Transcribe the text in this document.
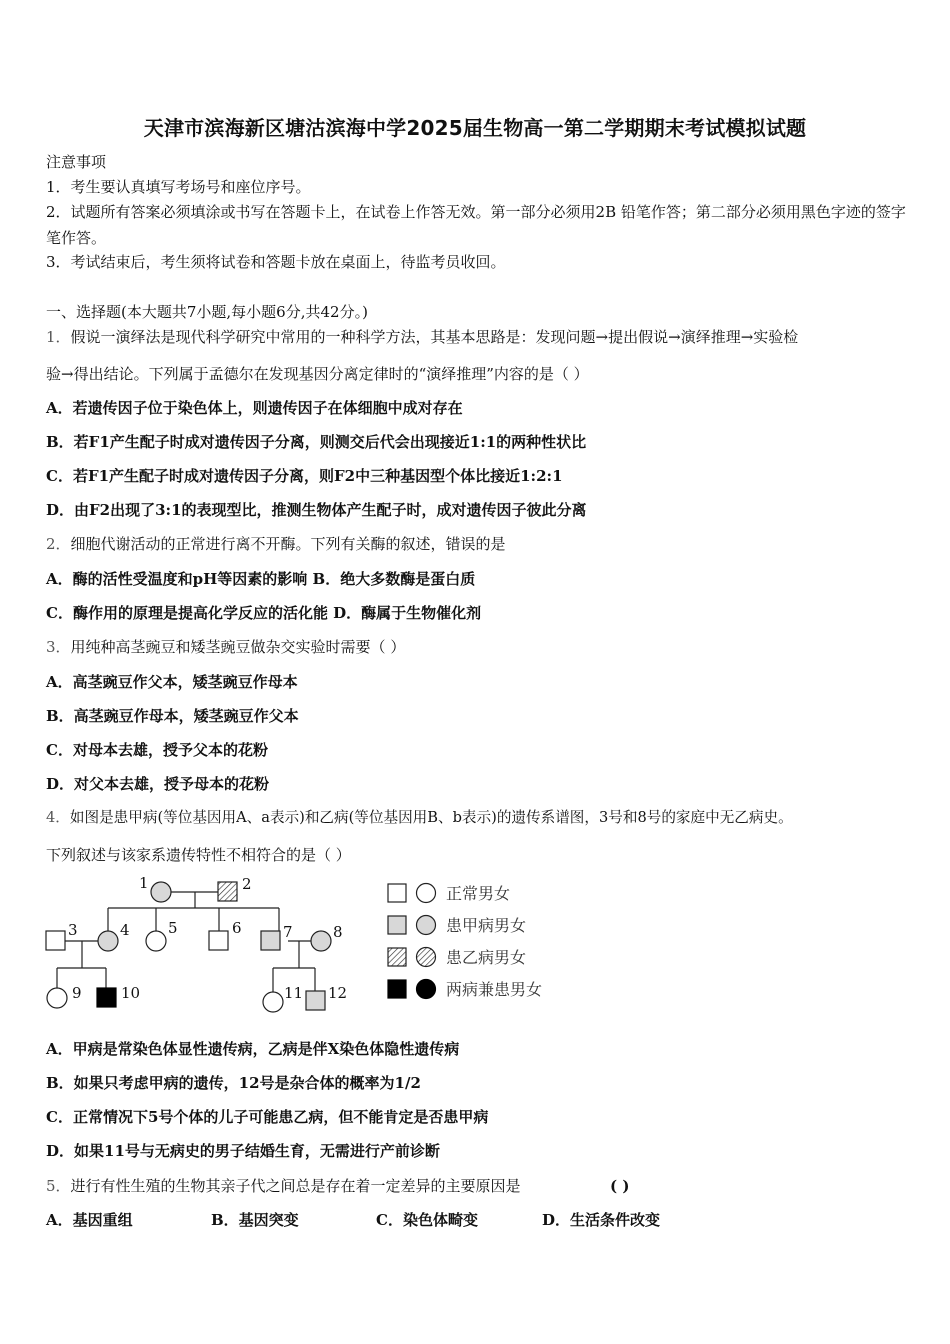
天津市滨海新区塘沽滨海中学2025届生物高一第二学期期末考试模拟试题
注意事项
1．考生要认真填写考场号和座位序号。
2．试题所有答案必须填涂或书写在答题卡上，在试卷上作答无效。第一部分必须用2B 铅笔作答；第二部分必须用黑色字迹的签字笔作答。
3．考试结束后，考生须将试卷和答题卡放在桌面上，待监考员收回。
一、选择题(本大题共7小题,每小题6分,共42分。)
1．假说一演绎法是现代科学研究中常用的一种科学方法，其基本思路是：发现问题→提出假说→演绎推理→实验检
验→得出结论。下列属于孟德尔在发现基因分离定律时的“演绎推理”内容的是（ ）
A．若遗传因子位于染色体上，则遗传因子在体细胞中成对存在
B．若F1产生配子时成对遗传因子分离，则测交后代会出现接近1:1的两种性状比
C．若F1产生配子时成对遗传因子分离，则F2中三种基因型个体比接近1:2:1
D．由F2出现了3:1的表现型比，推测生物体产生配子时，成对遗传因子彼此分离
2．细胞代谢活动的正常进行离不开酶。下列有关酶的叙述，错误的是
A．酶的活性受温度和pH等因素的影响 B．绝大多数酶是蛋白质
C．酶作用的原理是提高化学反应的活化能 D．酶属于生物催化剂
3．用纯种高茎豌豆和矮茎豌豆做杂交实验时需要（ ）
A．高茎豌豆作父本，矮茎豌豆作母本
B．高茎豌豆作母本，矮茎豌豆作父本
C．对母本去雄，授予父本的花粉
D．对父本去雄，授予母本的花粉
4．如图是患甲病(等位基因用A、a表示)和乙病(等位基因用B、b表示)的遗传系谱图，3号和8号的家庭中无乙病史。
下列叙述与该家系遗传特性不相符合的是（ ）
1	2
3	4	5	6	7	8
9	10	11 12
正常男女
患甲病男女
患乙病男女
两病兼患男女
A．甲病是常染色体显性遗传病，乙病是伴X染色体隐性遗传病
B．如果只考虑甲病的遗传，12号是杂合体的概率为1/2
C．正常情况下5号个体的儿子可能患乙病，但不能肯定是否患甲病
D．如果11号与无病史的男子结婚生育，无需进行产前诊断
5．进行有性生殖的生物其亲子代之间总是存在着一定差异的主要原因是	( )
A．基因重组	B．基因突变	C．染色体畸变	D．生活条件改变
